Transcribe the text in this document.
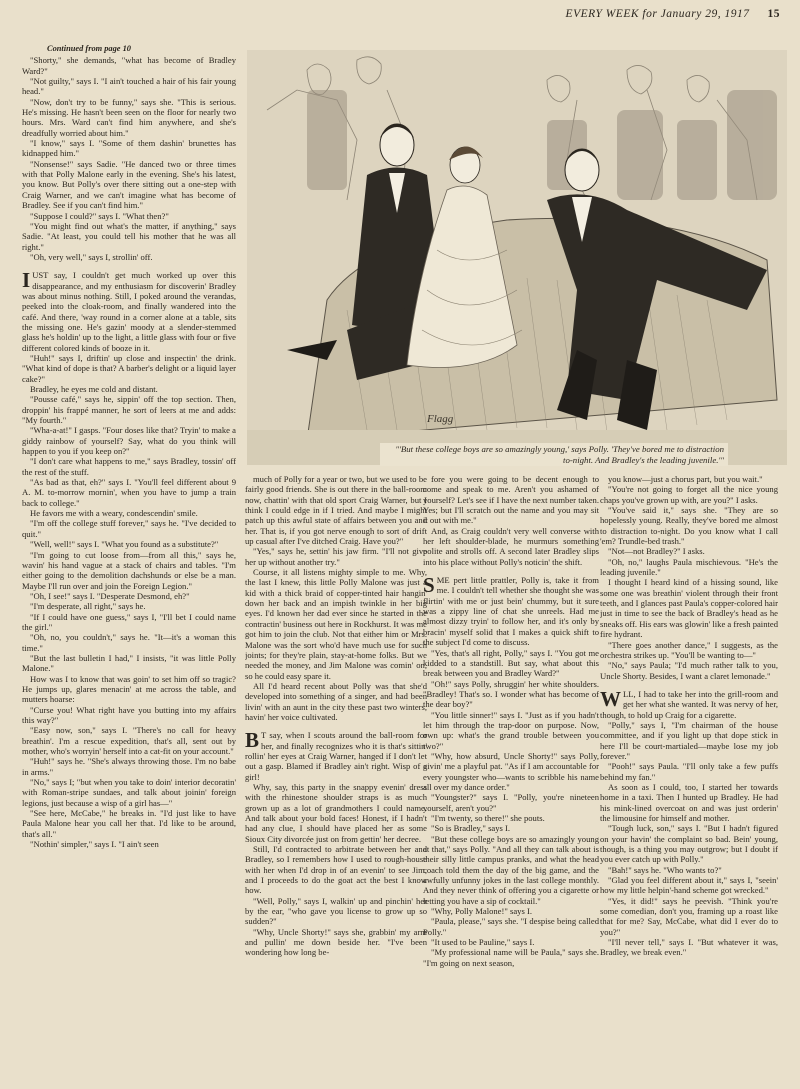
EVERY WEEK for January 29, 1917 15
Flagg
"'But these college boys are so amazingly young,' says Polly. 'They've bored me to distraction to-night. And Bradley's the leading juvenile.'"

Continued from page 10

"Shorty," she demands, "what has become of Bradley Ward?"

"Not guilty," says I. "I ain't touched a hair of his fair young head."

"Now, don't try to be funny," says she. "This is serious. He's missing. He hasn't been seen on the floor for nearly two hours. Mrs. Ward can't find him anywhere, and she's dreadfully worried about him."

"I know," says I. "Some of them dashin' brunettes has kidnapped him."

"Nonsense!" says Sadie. "He danced two or three times with that Polly Malone early in the evening. She's his latest, you know. But Polly's over there sitting out a one-step with Craig Warner, and we can't imagine what has become of Bradley. See if you can't find him."

"Suppose I could?" says I. "What then?"

"You might find out what's the matter, if anything," says Sadie. "At least, you could tell his mother that he was all right."

"Oh, very well," says I, strollin' off.

IUST say, I couldn't get much worked up over this disappearance, and my enthusiasm for discoverin' Bradley was about minus nothing. Still, I poked around the verandas, peeked into the cloak-room, and finally wandered into the café. And there, 'way round in a corner alone at a table, sits the missing one. He's gazin' moody at a slender-stemmed glass he's holdin' up to the light, a little glass with four or five different colored kinds of booze in it.

"Huh!" says I, driftin' up close and inspectin' the drink. "What kind of dope is that? A barber's delight or a liquid layer cake?"

Bradley, he eyes me cold and distant.

"Pousse café," says he, sippin' off the top section. Then, droppin' his frappé manner, he sort of leers at me and adds: "My fourth."

"Wha-a-at!" I gasps. "Four doses like that? Tryin' to make a giddy rainbow of yourself? Say, what do you think will happen to you if you keep on?"

"I don't care what happens to me," says Bradley, tossin' off the rest of the stuff.

"As bad as that, eh?" says I. "You'll feel different about 9 A. M. to-morrow mornin', when you have to jump a train back to college."

He favors me with a weary, condescendin' smile.

"I'm off the college stuff forever," says he. "I've decided to quit."

"Well, well!" says I. "What you found as a substitute?"

"I'm going to cut loose from—from all this," says he, wavin' his hand vague at a stack of chairs and tables. "I'm either going to the demolition dachshunds or else be a man. Maybe I'll run over and join the Foreign Legion."

"Oh, I see!" says I. "Desperate Desmond, eh?"

"I'm desperate, all right," says he.

"If I could have one guess," says I, "I'll bet I could name the girl."

"Oh, no, you couldn't," says he. "It—it's a woman this time."

"But the last bulletin I had," I insists, "it was little Polly Malone."

How was I to know that was goin' to set him off so tragic? He jumps up, glares menacin' at me across the table, and mutters hoarse:

"Curse you! What right have you butting into my affairs this way?"

"Easy now, son," says I. "There's no call for heavy breathin'. I'm a rescue expedition, that's all, sent out by mother, who's worryin' herself into a cat-fit on your account."

"Huh!" says he. "She's always throwing those. I'm no babe in arms."

"No," says I; "but when you take to doin' interior decoratin' with Roman-stripe sundaes, and talk about joinin' foreign legions, just because a wisp of a girl has—"

"See here, McCabe," he breaks in. "I'd just like to have Paula Malone hear you call her that. I'd like to be around, that's all."

"Nothin' simpler," says I. "I ain't seen

much of Polly for a year or two, but we used to be fairly good friends. She is out there in the ball-room now, chattin' with that old sport Craig Warner, but I think I could edge in if I tried. And maybe I might patch up this awful state of affairs between you and her. That is, if you got nerve enough to sort of drift up casual after I've ditched Craig. Have you?"

"Yes," says he, settin' his jaw firm. "I'll not give her up without another try."

Course, it all listens mighty simple to me. Why, the last I knew, this little Polly Malone was just a kid with a thick braid of copper-tinted hair hangin' down her back and an impish twinkle in her big eyes. I'd known her dad ever since he started in the contractin' business out here in Rockhurst. It was me got him to join the club. Not that either him or Mrs. Malone was the sort who'd have much use for such joints; for they're plain, stay-at-home folks. But we needed the money, and Jim Malone was comin' on, so he could easy spare it.

All I'd heard recent about Polly was that she'd developed into something of a singer, and had been livin' with an aunt in the city these past two winters, havin' her voice cultivated.

B T say, when I scouts around the ball-room for her, and finally recognizes who it is that's sittin' rollin' her eyes at Craig Warner, hanged if I don't let out a gasp. Blamed if Bradley ain't right. Wisp of a girl!

Why, say, this party in the snappy evenin' dress with the rhinestone shoulder straps is as much grown up as a lot of grandmothers I could name. And talk about your bold faces! Honest, if I hadn't had any clue, I should have placed her as some Sioux City divorcée just on from gettin' her decree.

Still, I'd contracted to arbitrate between her and Bradley, so I remembers how I used to rough-house with her when I'd drop in of an evenin' to see Jim, and I proceeds to do the goat act the best I know how.

"Well, Polly," says I, walkin' up and pinchin' her by the ear, "who gave you license to grow up so sudden?"

"Why, Uncle Shorty!" says she, grabbin' my arm and pullin' me down beside her. "I've been wondering how long be-

fore you were going to be decent enough to come and speak to me. Aren't you ashamed of yourself? Let's see if I have the next number taken. Yes; but I'll scratch out the name and you may sit it out with me."

And, as Craig couldn't very well converse with her left shoulder-blade, he murmurs something polite and strolls off. A second later Bradley slips into his place without Polly's noticin' the shift.

SME pert little prattler, Polly is, take it from me. I couldn't tell whether she thought she was flirtin' with me or just bein' chummy, but it sure was a zippy line of chat she unreels. Had me almost dizzy tryin' to follow her, and it's only by bracin' myself solid that I makes a quick shift to the subject I'd come to discuss.

"Yes, that's all right, Polly," says I. "You got me kidded to a standstill. But say, what about this break between you and Bradley Ward?"

"Oh!" says Polly, shruggin' her white shoulders. "Bradley! That's so. I wonder what has become of the dear boy?"

"You little sinner!" says I. "Just as if you hadn't let him through the trap-door on purpose. Now, own up: what's the grand trouble between you two?"

"Why, how absurd, Uncle Shorty!" says Polly, givin' me a playful pat. "As if I am accountable for every youngster who—wants to scribble his name all over my dance order."

"Youngster?" says I. "Polly, you're nineteen yourself, aren't you?"

"I'm twenty, so there!" she pouts.

"So is Bradley," says I.

"But these college boys are so amazingly young at that," says Polly. "And all they can talk about is their silly little campus pranks, and what the head coach told them the day of the big game, and the awfully unfunny jokes in the last college monthly. And they never think of offering you a cigarette or letting you have a sip of cocktail."

"Why, Polly Malone!" says I.

"Paula, please," says she. "I despise being called Polly."

"It used to be Pauline," says I.

"My professional name will be Paula," says she. "I'm going on next season,

you know—just a chorus part, but you wait."

"You're not going to forget all the nice young chaps you've grown up with, are you?" I asks.

"You've said it," says she. "They are so hopelessly young. Really, they've bored me almost to distraction to-night. Do you know what I call 'em? Trundle-bed trash."

"Not—not Bradley?" I asks.

"Oh, no," laughs Paula mischievous. "He's the leading juvenile."

I thought I heard kind of a hissing sound, like some one was breathin' violent through their front teeth, and I glances past Paula's copper-colored hair just in time to see the back of Bradley's head as he sneaks off. His ears was glowin' like a fresh painted fire hydrant.

"There goes another dance," I suggests, as the orchestra strikes up. "You'll be wanting to—"

"No," says Paula; "I'd much rather talk to you, Uncle Shorty. Besides, I want a claret lemonade."

WLL, I had to take her into the grill-room and get her what she wanted. It was nervy of her, though, to hold up Craig for a cigarette.

"Polly," says I, "I'm chairman of the house committee, and if you light up that dope stick in here I'll be court-martialed—maybe lose my job forever."

"Pooh!" says Paula. "I'll only take a few puffs behind my fan."

As soon as I could, too, I started her towards home in a taxi. Then I hunted up Bradley. He had his mink-lined overcoat on and was just orderin' the limousine for himself and mother.

"Tough luck, son," says I. "But I hadn't figured on your havin' the complaint so bad. Bein' young, though, is a thing you may outgrow; but I doubt if you ever catch up with Polly."

"Bah!" says he. "Who wants to?"

"Glad you feel different about it," says I, "seein' how my little helpin'-hand scheme got wrecked."

"Yes, it did!" says he peevish. "Think you're some comedian, don't you, framing up a roast like that for me? Say, McCabe, what did I ever do to you?"

"I'll never tell," says I. "But whatever it was, Bradley, we break even."
